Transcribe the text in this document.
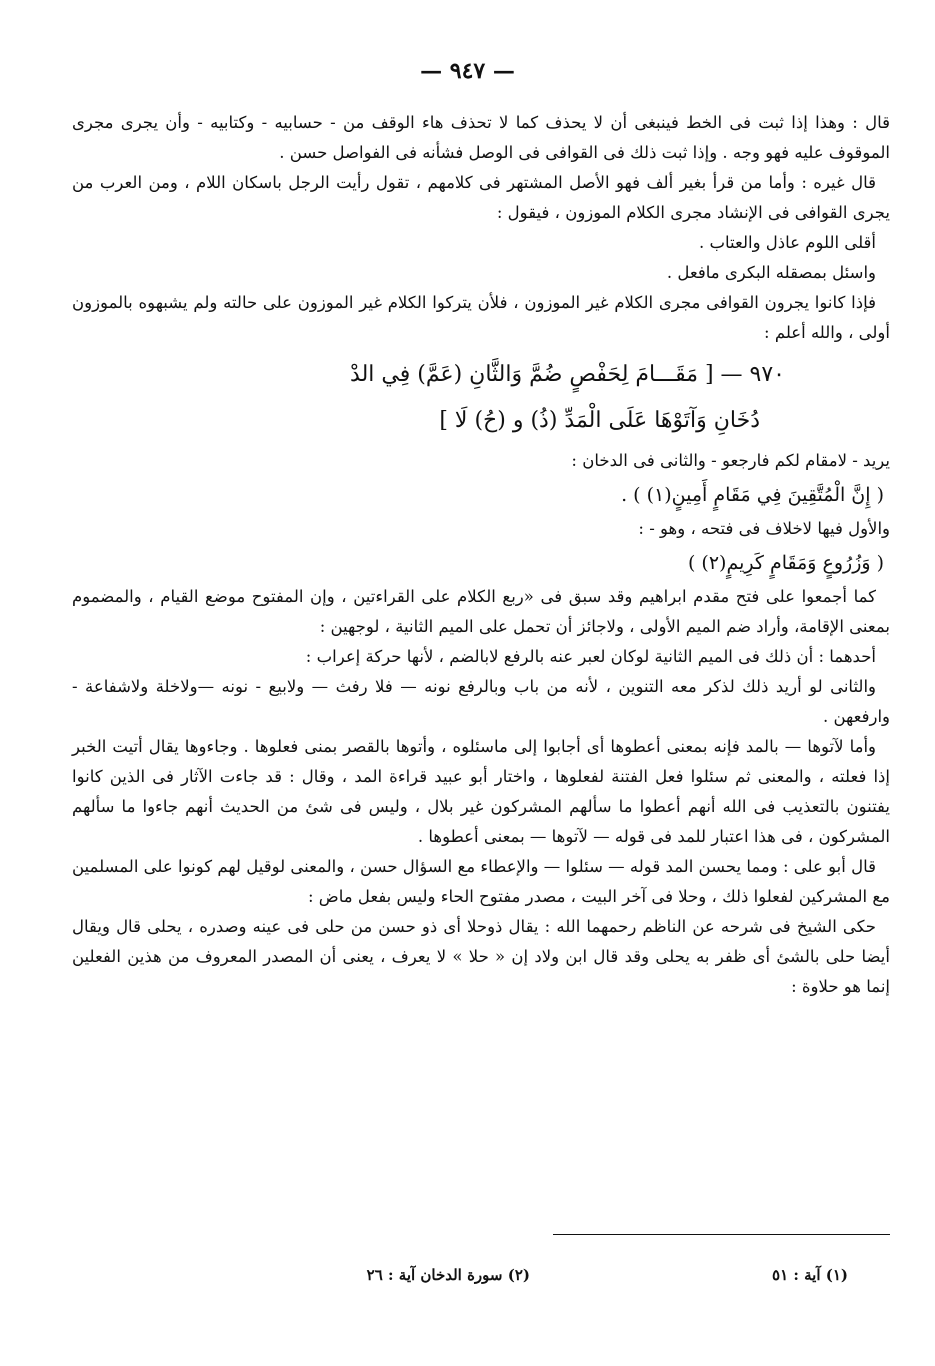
— ٩٤٧ —

قال : وهذا إذا ثبت فى الخط فينبغى أن لا يحذف كما لا تحذف هاء الوقف من - حسابيه - وكتابيه - وأن يجرى مجرى الموقوف عليه فهو وجه . وإذا ثبت ذلك فى القوافى فى الوصل فشأنه فى الفواصل حسن .

قال غيره : وأما من قرأ بغير ألف فهو الأصل المشتهر فى كلامهم ، تقول رأيت الرجل باسكان اللام ، ومن العرب من يجرى القوافى فى الإنشاد مجرى الكلام الموزون ، فيقول :

أقلى اللوم عاذل والعتاب .

واسئل بمصقله البكرى مافعل .

فإذا كانوا يجرون القوافى مجرى الكلام غير الموزون ، فلأن يتركوا الكلام غير الموزون على حالته ولم يشبهوه بالموزون أولى ، والله أعلم :

٩٧٠ — [ مَقَـــامَ لِحَفْصٍ ضُمَّ وَالثَّانِ (عَمَّ) فِي الدْ
دُخَانِ وَآتَوْهَا عَلَى الْمَدِّ (ذُ) و (حُ) لَا ]

يريد - لامقام لكم فارجعو - والثانى فى الدخان :

( إِنَّ الْمُتَّقِينَ فِي مَقَامٍ أَمِينٍ(١) ) .

والأول فيها لاخلاف فى فتحه ، وهو - :

( وَزُرُوعٍ وَمَقَامٍ كَرِيمٍ(٢) )

كما أجمعوا على فتح مقدم ابراهيم وقد سبق فى «ربع الكلام على القراءتين ، وإن المفتوح موضع القيام ، والمضموم بمعنى الإقامة، وأراد ضم الميم الأولى ، ولاجائز أن تحمل على الميم الثانية ، لوجهين :

أحدهما : أن ذلك فى الميم الثانية لوكان لعبر عنه بالرفع لابالضم ، لأنها حركة إعراب :

والثانى لو أريد ذلك لذكر معه التنوين ، لأنه من باب وبالرفع نونه — فلا رفث — ولابيع - نونه —ولاخلة ولاشفاعة - وارفعهن .

وأما لآتوها — بالمد فإنه بمعنى أعطوها أى أجابوا إلى ماسئلوه ، وأتوها بالقصر بمنى فعلوها . وجاءوها يقال أتيت الخبر إذا فعلته ، والمعنى ثم سئلوا فعل الفتنة لفعلوها ، واختار أبو عبيد قراءة المد ، وقال : قد جاءت الآثار فى الذين كانوا يفتنون بالتعذيب فى الله أنهم أعطوا ما سألهم المشركون غير بلال ، وليس فى شئ من الحديث أنهم جاءوا ما سألهم المشركون ، فى هذا اعتبار للمد فى قوله — لآتوها — بمعنى أعطوها .

قال أبو على : ومما يحسن المد قوله — سئلوا — والإعطاء مع السؤال حسن ، والمعنى لوقيل لهم كونوا على المسلمين مع المشركين لفعلوا ذلك ، وحلا فى آخر البيت ، مصدر مفتوح الحاء وليس بفعل ماض :

حكى الشيخ فى شرحه عن الناظم رحمهما الله : يقال ذوحلا أى ذو حسن من حلى فى عينه وصدره ، يحلى قال ويقال أيضا حلى بالشئ أى ظفر به يحلى وقد قال ابن ولاد إن « حلا » لا يعرف ، يعنى أن المصدر المعروف من هذين الفعلين إنما هو حلاوة :

(١) آية : ٥١
(٢) سورة الدخان آية : ٢٦
